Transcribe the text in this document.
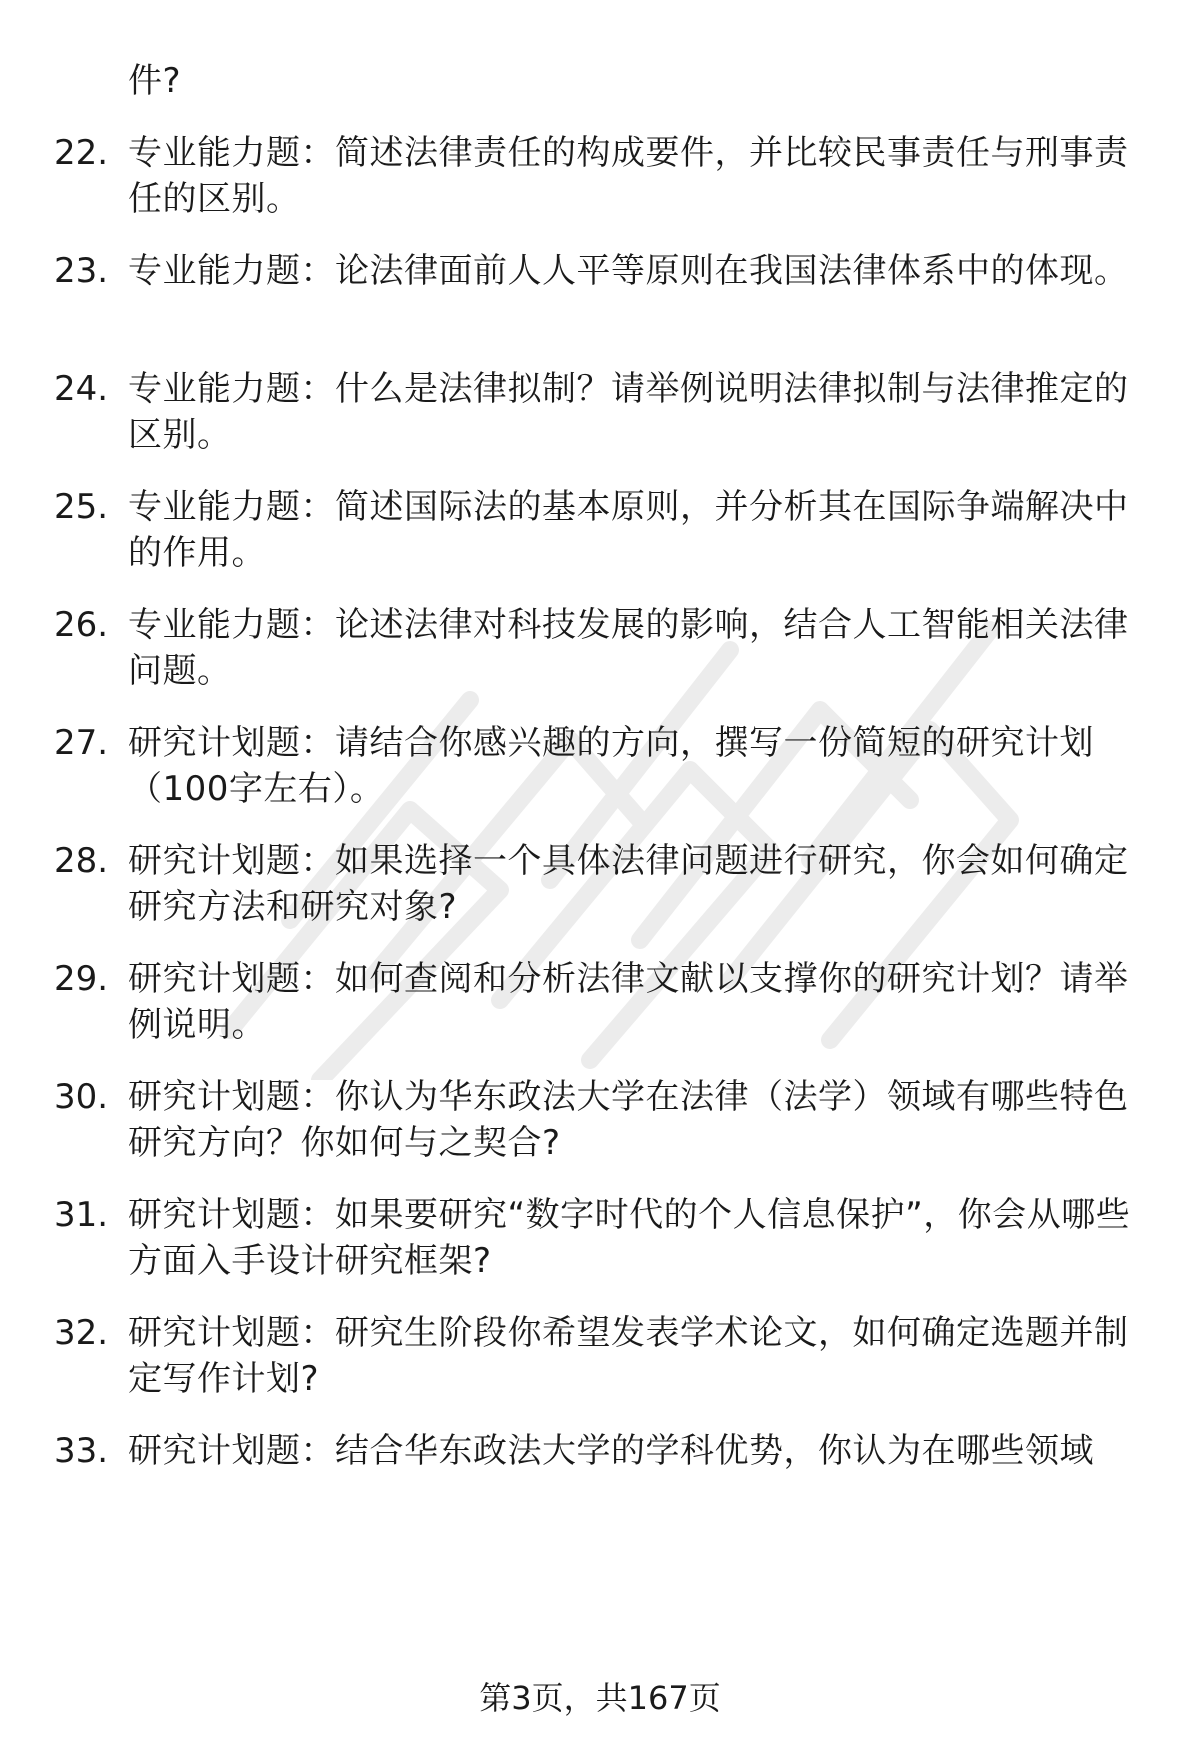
件?
22. 专业能力题：简述法律责任的构成要件，并比较民事责任与刑事责任的区别。
23. 专业能力题：论法律面前人人平等原则在我国法律体系中的体现。
24. 专业能力题：什么是法律拟制？请举例说明法律拟制与法律推定的区别。
25. 专业能力题：简述国际法的基本原则，并分析其在国际争端解决中的作用。
26. 专业能力题：论述法律对科技发展的影响，结合人工智能相关法律问题。
27. 研究计划题：请结合你感兴趣的方向，撰写一份简短的研究计划（100字左右）。
28. 研究计划题：如果选择一个具体法律问题进行研究，你会如何确定研究方法和研究对象?
29. 研究计划题：如何查阅和分析法律文献以支撑你的研究计划？请举例说明。
30. 研究计划题：你认为华东政法大学在法律（法学）领域有哪些特色研究方向？你如何与之契合?
31. 研究计划题：如果要研究“数字时代的个人信息保护”，你会从哪些方面入手设计研究框架?
32. 研究计划题：研究生阶段你希望发表学术论文，如何确定选题并制定写作计划?
33. 研究计划题：结合华东政法大学的学科优势，你认为在哪些领域
第3页，共167页
